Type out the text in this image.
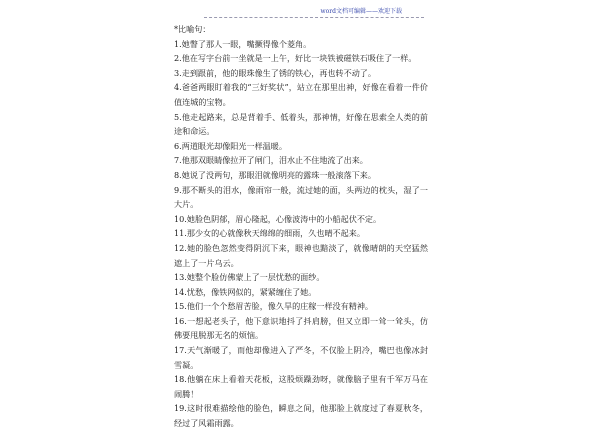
word文档可编辑——欢迎下载

*比喻句：

1.她瞥了那人一眼，嘴撅得像个菱角。

2.他在写字台前一坐就是一上午，好比一块铁被磁铁石吸住了一样。

3.走到跟前，他的眼珠像生了锈的铁心，再也转不动了。

4.爸爸两眼盯着我的“三好奖状”，站立在那里出神，好像在看着一件价值连城的宝物。

5.他走起路来，总是背着手、低着头，那神情，好像在思索全人类的前途和命运。

6.两道眼光却像阳光一样温暖。

7.他那双眼睛像拉开了闸门，泪水止不住地流了出来。

8.她说了没两句，那眼泪就像明亮的露珠一般滚落下来。

9.那不断头的泪水，像雨帘一般，流过她的面，头两边的枕头，湿了一大片。

10.她脸色阴郁，眉心隆起，心像波涛中的小船起伏不定。

11.那少女的心就像秋天绵绵的细雨，久也晴不起来。

12.她的脸色忽然变得阴沉下来，眼神也黯淡了，就像晴朗的天空猛然遮上了一片乌云。

13.她整个脸仿佛蒙上了一层忧愁的面纱。

14.忧愁，像铁网似的，紧紧缠住了她。

15.他们一个个愁眉苦脸，像久旱的庄稼一样没有精神。

16.一想起老头子，他下意识地抖了抖肩膀，但又立即一耸一耸头，仿佛要甩脱那无名的烦恼。

17.天气渐暖了，而他却像进入了严冬，不仅脸上阴冷，嘴巴也像冰封雪凝。

18.他躺在床上看着天花板，这股烦躁劲呀，就像脑子里有千军万马在闹腾！

19.这时很难描绘他的脸色，瞬息之间，他那脸上就度过了春夏秋冬，经过了风霜雨露。
